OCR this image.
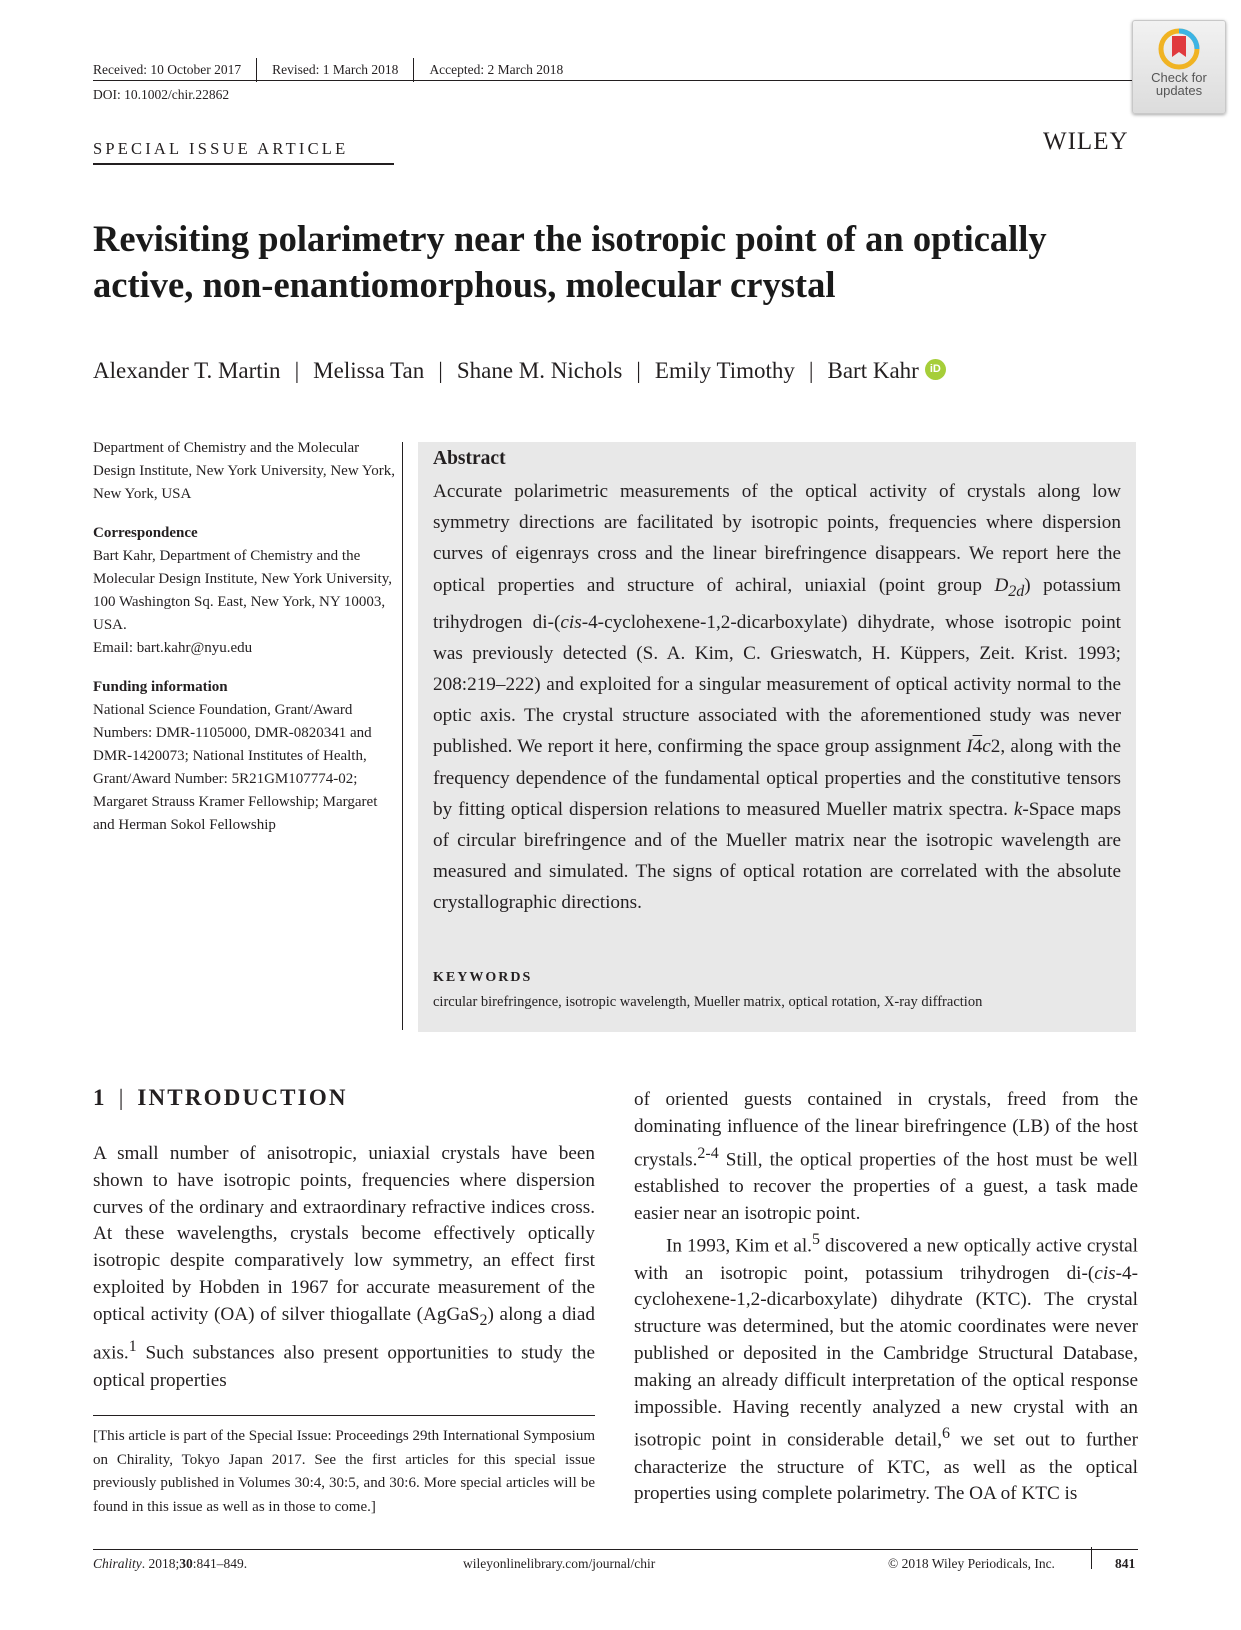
Received: 10 October 2017 Revised: 1 March 2018 Accepted: 2 March 2018
DOI: 10.1002/chir.22862
Check for
updates
SPECIAL ISSUE ARTICLE	WILEY
Revisiting polarimetry near the isotropic point of an optically active, non-enantiomorphous, molecular crystal
Alexander T. Martin | Melissa Tan | Shane M. Nichols | Emily Timothy | Bart Kahr	iD
Department of Chemistry and the Molecular Design Institute, New York University, New York, New York, USA
Correspondence
Bart Kahr, Department of Chemistry and the Molecular Design Institute, New York University, 100 Washington Sq. East, New York, NY 10003, USA.
Email: bart.kahr@nyu.edu
Funding information
National Science Foundation, Grant/Award Numbers: DMR-1105000, DMR-0820341 and DMR-1420073; National Institutes of Health, Grant/Award Number: 5R21GM107774-02; Margaret Strauss Kramer Fellowship; Margaret and Herman Sokol Fellowship
Abstract
Accurate polarimetric measurements of the optical activity of crystals along low symmetry directions are facilitated by isotropic points, frequencies where dispersion curves of eigenrays cross and the linear birefringence disappears. We report here the optical properties and structure of achiral, uniaxial (point group $D_{2d}$) potassium trihydrogen di-(cis-4-cyclohexene-1,2-dicarboxylate) dihydrate, whose isotropic point was previously detected (S. A. Kim, C. Grieswatch, H. Küppers, Zeit. Krist. 1993; 208:219–222) and exploited for a singular measurement of optical activity normal to the optic axis. The crystal structure associated with the aforementioned study was never published. We report it here, confirming the space group assignment I4c2, along with the frequency dependence of the fundamental optical properties and the constitutive tensors by fitting optical dispersion relations to measured Mueller matrix spectra. k-Space maps of circular birefringence and of the Mueller matrix near the isotropic wavelength are measured and simulated. The signs of optical rotation are correlated with the absolute crystallographic directions.
KEYWORDS
circular birefringence, isotropic wavelength, Mueller matrix, optical rotation, X-ray diffraction
1 | INTRODUCTION

A small number of anisotropic, uniaxial crystals have been shown to have isotropic points, frequencies where dispersion curves of the ordinary and extraordinary refractive indices cross. At these wavelengths, crystals become effectively optically isotropic despite comparatively low symmetry, an effect first exploited by Hobden in 1967 for accurate measurement of the optical activity (OA) of silver thiogallate (AgGaS$_2$) along a diad axis.$^1$ Such substances also present opportunities to study the optical properties

of oriented guests contained in crystals, freed from the dominating influence of the linear birefringence (LB) of the host crystals.$^{2-4}$ Still, the optical properties of the host must be well established to recover the properties of a guest, a task made easier near an isotropic point.

In 1993, Kim et al.$^5$ discovered a new optically active crystal with an isotropic point, potassium trihydrogen di-(cis-4-cyclohexene-1,2-dicarboxylate) dihydrate (KTC). The crystal structure was determined, but the atomic coordinates were never published or deposited in the Cambridge Structural Database, making an already difficult interpretation of the optical response impossible. Having recently analyzed a new crystal with an isotropic point in considerable detail,$^6$ we set out to further characterize the structure of KTC, as well as the optical properties using complete polarimetry. The OA of KTC is

[This article is part of the Special Issue: Proceedings 29th International Symposium on Chirality, Tokyo Japan 2017. See the first articles for this special issue previously published in Volumes 30:4, 30:5, and 30:6. More special articles will be found in this issue as well as in those to come.]
Chirality. 2018;30:841–849.	wileyonlinelibrary.com/journal/chir	© 2018 Wiley Periodicals, Inc.	841
